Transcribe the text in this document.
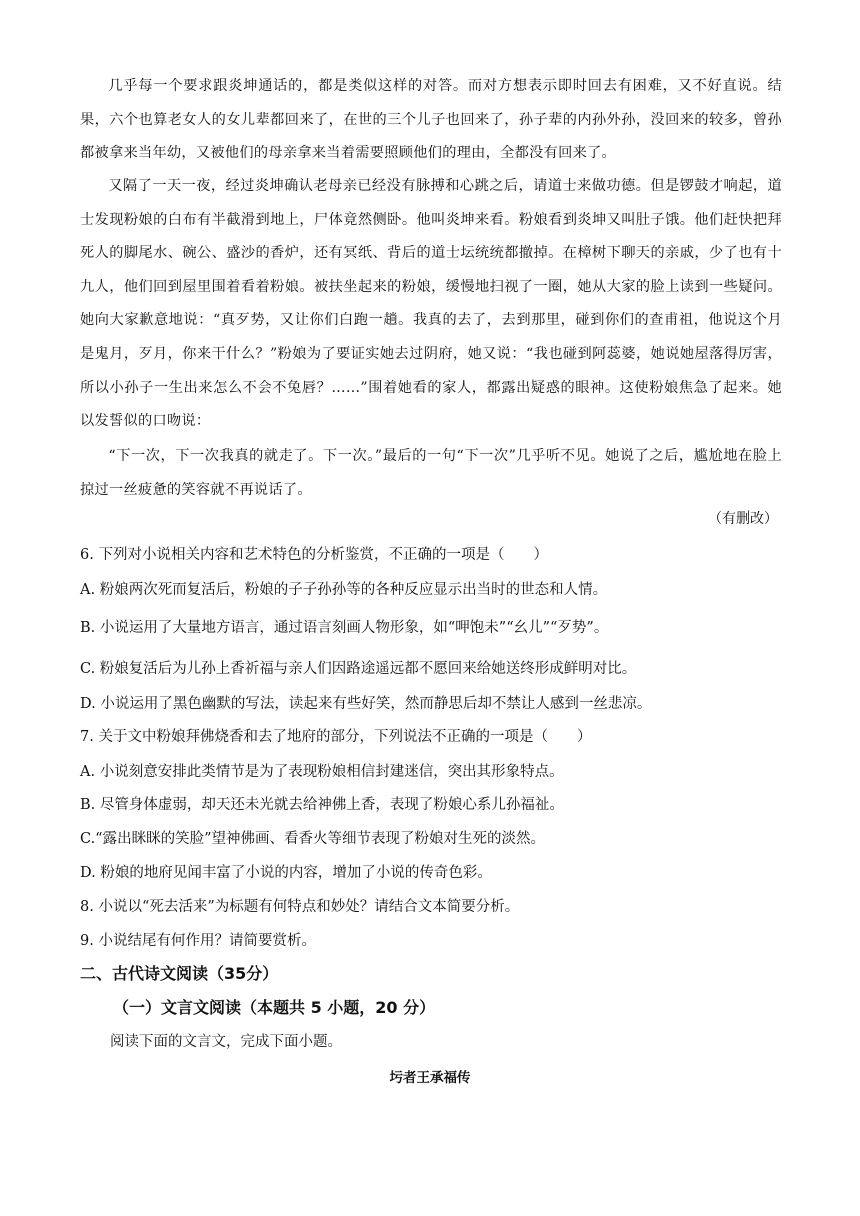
几乎每一个要求跟炎坤通话的，都是类似这样的对答。而对方想表示即时回去有困难，又不好直说。结果，六个也算老女人的女儿辈都回来了，在世的三个儿子也回来了，孙子辈的内孙外孙，没回来的较多，曾孙都被拿来当年幼，又被他们的母亲拿来当着需要照顾他们的理由，全都没有回来了。

又隔了一天一夜，经过炎坤确认老母亲已经没有脉搏和心跳之后，请道士来做功德。但是锣鼓才响起，道士发现粉娘的白布有半截滑到地上，尸体竟然侧卧。他叫炎坤来看。粉娘看到炎坤又叫肚子饿。他们赶快把拜死人的脚尾水、碗公、盛沙的香炉，还有冥纸、背后的道士坛统统都撤掉。在樟树下聊天的亲戚，少了也有十九人，他们回到屋里围着看着粉娘。被扶坐起来的粉娘，缓慢地扫视了一圈，她从大家的脸上读到一些疑问。她向大家歉意地说：“真歹势，又让你们白跑一趟。我真的去了，去到那里，碰到你们的查甫祖，他说这个月是鬼月，歹月，你来干什么？”粉娘为了要证实她去过阴府，她又说：“我也碰到阿蕊婆，她说她屋落得厉害，所以小孙子一生出来怎么不会不兔唇？……”围着她看的家人，都露出疑惑的眼神。这使粉娘焦急了起来。她以发誓似的口吻说：

“下一次，下一次我真的就走了。下一次。”最后的一句“下一次”几乎听不见。她说了之后，尴尬地在脸上掠过一丝疲惫的笑容就不再说话了。

（有删改）

6. 下列对小说相关内容和艺术特色的分析鉴赏，不正确的一项是（　　）

A. 粉娘两次死而复活后，粉娘的子子孙孙等的各种反应显示出当时的世态和人情。

B. 小说运用了大量地方语言，通过语言刻画人物形象，如“呷饱未”“幺儿”“歹势”。

C. 粉娘复活后为儿孙上香祈福与亲人们因路途遥远都不愿回来给她送终形成鲜明对比。

D. 小说运用了黑色幽默的写法，读起来有些好笑，然而静思后却不禁让人感到一丝悲凉。

7. 关于文中粉娘拜佛烧香和去了地府的部分，下列说法不正确的一项是（　　）

A. 小说刻意安排此类情节是为了表现粉娘相信封建迷信，突出其形象特点。

B. 尽管身体虚弱，却天还未光就去给神佛上香，表现了粉娘心系儿孙福祉。

C.“露出眯眯的笑脸”望神佛画、看香火等细节表现了粉娘对生死的淡然。

D. 粉娘的地府见闻丰富了小说的内容，增加了小说的传奇色彩。

8. 小说以“死去活来”为标题有何特点和妙处？请结合文本简要分析。

9. 小说结尾有何作用？请简要赏析。

二、古代诗文阅读（35分）

（一）文言文阅读（本题共 5 小题，20 分）

阅读下面的文言文，完成下面小题。

圬者王承福传
